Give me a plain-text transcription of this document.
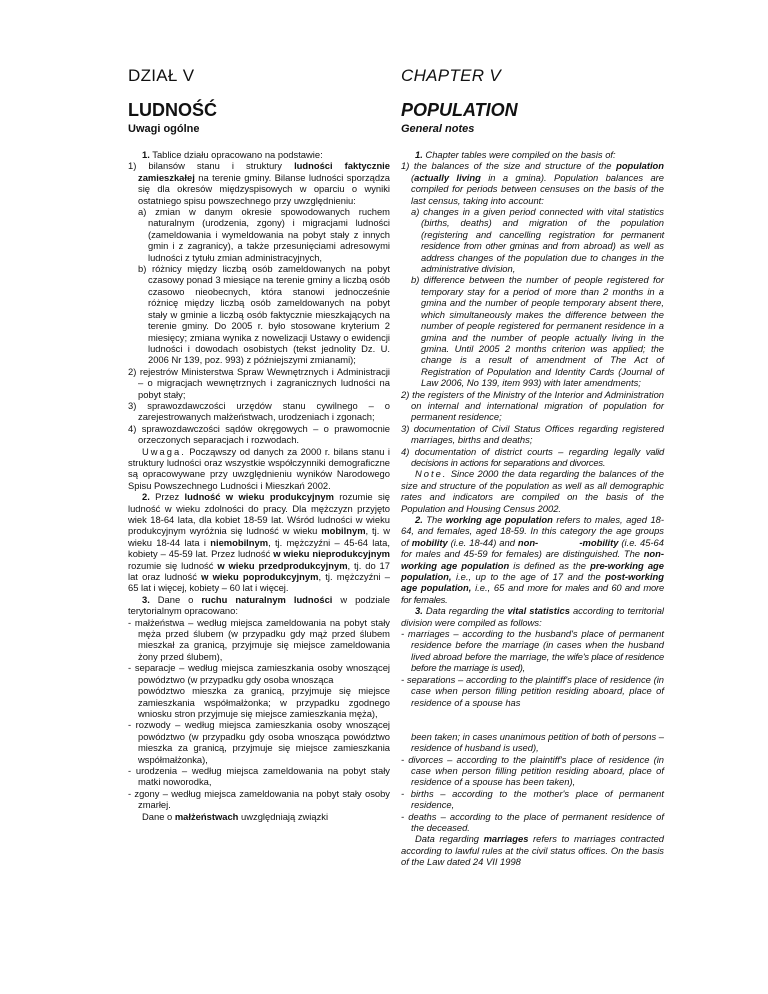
DZIAŁ V
LUDNOŚĆ
Uwagi ogólne

1. Tablice działu opracowano na podstawie:

1) bilansów stanu i struktury ludności faktycznie zamieszkałej na terenie gminy. Bilanse ludności sporządza się dla okresów międzyspisowych w oparciu o wyniki ostatniego spisu powszechnego przy uwzględnieniu:

a) zmian w danym okresie spowodowanych ruchem naturalnym (urodzenia, zgony) i migracjami ludności (zameldowania i wymeldowania na pobyt stały z innych gmin i z zagranicy), a także przesunięciami adresowymi ludności z tytułu zmian administracyjnych,

b) różnicy między liczbą osób zameldowanych na pobyt czasowy ponad 3 miesiące na terenie gminy a liczbą osób czasowo nieobecnych, która stanowi jednocześnie różnicę między liczbą osób zameldowanych na pobyt stały w gminie a liczbą osób faktycznie mieszkających na terenie gminy. Do 2005 r. było stosowane kryterium 2 miesięcy; zmiana wynika z nowelizacji Ustawy o ewidencji ludności i dowodach osobistych (tekst jednolity Dz. U. 2006 Nr 139, poz. 993) z późniejszymi zmianami);

2) rejestrów Ministerstwa Spraw Wewnętrznych i Administracji – o migracjach wewnętrznych i zagranicznych ludności na pobyt stały;

3) sprawozdawczości urzędów stanu cywilnego – o zarejestrowanych małżeństwach, urodzeniach i zgonach;

4) sprawozdawczości sądów okręgowych – o prawomocnie orzeczonych separacjach i rozwodach.

Uwaga. Począwszy od danych za 2000 r. bilans stanu i struktury ludności oraz wszystkie współczynniki demograficzne są opracowywane przy uwzględnieniu wyników Narodowego Spisu Powszechnego Ludności i Mieszkań 2002.

2. Przez ludność w wieku produkcyjnym rozumie się ludność w wieku zdolności do pracy. Dla mężczyzn przyjęto wiek 18-64 lata, dla kobiet 18-59 lat. Wśród ludności w wieku produkcyjnym wyróżnia się ludność w wieku mobilnym, tj. w wieku 18-44 lata i niemobilnym, tj. mężczyźni – 45-64 lata, kobiety – 45-59 lat. Przez ludność w wieku nieprodukcyjnym rozumie się ludność w wieku przedprodukcyjnym, tj. do 17 lat oraz ludność w wieku poprodukcyjnym, tj. mężczyźni – 65 lat i więcej, kobiety – 60 lat i więcej.

3. Dane o ruchu naturalnym ludności w podziale terytorialnym opracowano:

- małżeństwa – według miejsca zameldowania na pobyt stały męża przed ślubem (w przypadku gdy mąż przed ślubem mieszkał za granicą, przyjmuje się miejsce zameldowania żony przed ślubem),

- separacje – według miejsca zamieszkania osoby wnoszącej powództwo (w przypadku gdy osoba wnosząca
powództwo mieszka za granicą, przyjmuje się miejsce zamieszkania współmałżonka; w przypadku zgodnego wniosku stron przyjmuje się miejsce zamieszkania męża),

- rozwody – według miejsca zamieszkania osoby wnoszącej powództwo (w przypadku gdy osoba wnosząca powództwo mieszka za granicą, przyjmuje się miejsce zamieszkania współmałżonka),

- urodzenia – według miejsca zameldowania na pobyt stały matki noworodka,

- zgony – według miejsca zameldowania na pobyt stały osoby zmarłej.

Dane o małżeństwach uwzględniają związki

CHAPTER V
POPULATION
General notes

1. Chapter tables were compiled on the basis of:

1) the balances of the size and structure of the population (actually living in a gmina). Population balances are compiled for periods between censuses on the basis of the last census, taking into account:

a) changes in a given period connected with vital statistics (births, deaths) and migration of the population (registering and cancelling registration for permanent residence from other gminas and from abroad) as well as address changes of the population due to changes in the administrative division,

b) difference between the number of people registered for temporary stay for a period of more than 2 months in a gmina and the number of people temporary absent there, which simultaneously makes the difference between the number of people registered for permanent residence in a gmina and the number of people actually living in the gmina. Until 2005 2 months criterion was applied; the change is a result of amendment of The Act of Registration of Population and Identity Cards (Journal of Law 2006, No 139, item 993) with later amendments;

2) the registers of the Ministry of the Interior and Administration on internal and international migration of population for permanent residence;

3) documentation of Civil Status Offices regarding registered marriages, births and deaths;

4) documentation of district courts – regarding legally valid decisions in actions for separations and divorces.

Note. Since 2000 the data regarding the balances of the size and structure of the population as well as all demographic rates and indicators are compiled on the basis of the Population and Housing Census 2002.

2. The working age population refers to males, aged 18-64, and females, aged 18-59. In this category the age groups of mobility (i.e. 18-44) and non-              -mobility (i.e. 45-64 for males and 45-59 for females) are distinguished. The non-working age population is defined as the pre-working age population, i.e., up to the age of 17 and the post-working age population, i.e., 65 and more for males and 60 and more for females.

3. Data regarding the vital statistics according to territorial division were compiled as follows:

- marriages – according to the husband's place of permanent residence before the marriage (in cases when the husband lived abroad before the marriage, the wife's place of residence before the marriage is used),

- separations – according to the plaintiff's place of residence (in case when person filling petition residing aboard, place of residence of a spouse has

been taken; in cases unanimous petition of both of persons – residence of husband is used),

- divorces – according to the plaintiff's place of residence (in case when person filling petition residing aboard, place of residence of a spouse has been taken),

- births – according to the mother's place of permanent residence,

- deaths – according to the place of permanent residence of the deceased.

Data regarding marriages refers to marriages contracted according to lawful rules at the civil status offices. On the basis of the Law dated 24 VII 1998
